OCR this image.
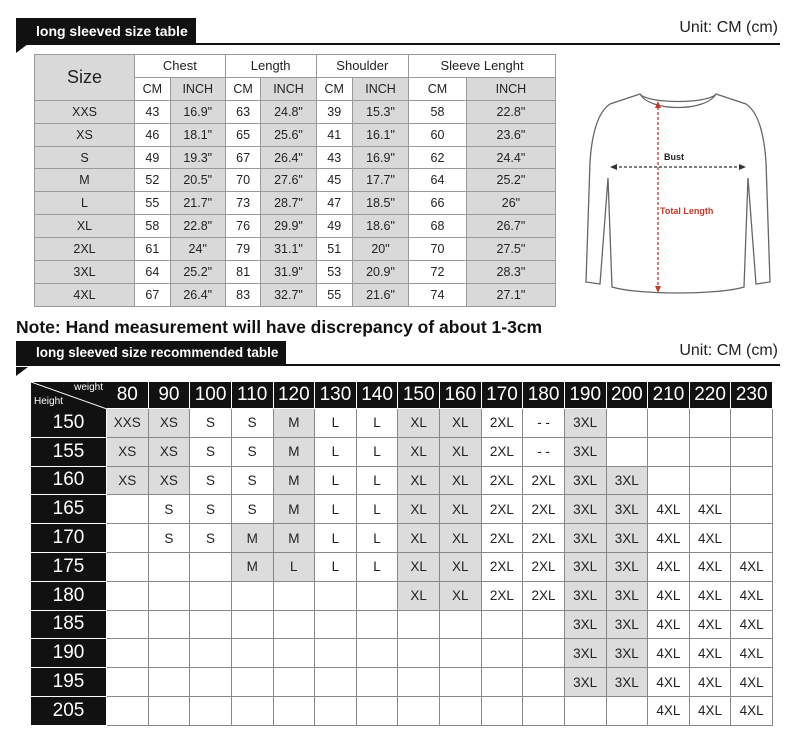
long sleeved size table	Unit: CM (cm)
Size	Chest		Length		Shoulder		Sleeve Lenght	
	CM	INCH	CM	INCH	CM	INCH	CM	INCH
XXS	43	16.9"	63	24.8"	39	15.3"	58	22.8"
XS	46	18.1"	65	25.6"	41	16.1"	60	23.6"
S	49	19.3"	67	26.4"	43	16.9"	62	24.4"
M	52	20.5"	70	27.6"	45	17.7"	64	25.2"
L	55	21.7"	73	28.7"	47	18.5"	66	26"
XL	58	22.8"	76	29.9"	49	18.6"	68	26.7"
2XL	61	24"	79	31.1"	51	20"	70	27.5"
3XL	64	25.2"	81	31.9"	53	20.9"	72	28.3"
4XL	67	26.4"	83	32.7"	55	21.6"	74	27.1"
Bust
Total Length
Note: Hand measurement will have discrepancy of about 1-3cm
long sleeved size recommended table	Unit: CM (cm)
weight
Height	80	90	100	110	120	130	140	150	160	170	180	190	200	210	220	230
150	XXS	XS	S	S	M	L	L	XL	XL	2XL	- -	3XL				
155	XS	XS	S	S	M	L	L	XL	XL	2XL	- -	3XL				
160	XS	XS	S	S	M	L	L	XL	XL	2XL	2XL	3XL	3XL			
165		S	S	S	M	L	L	XL	XL	2XL	2XL	3XL	3XL	4XL	4XL	
170		S	S	M	M	L	L	XL	XL	2XL	2XL	3XL	3XL	4XL	4XL	
175				M	L	L	L	XL	XL	2XL	2XL	3XL	3XL	4XL	4XL	4XL
180								XL	XL	2XL	2XL	3XL	3XL	4XL	4XL	4XL
185												3XL	3XL	4XL	4XL	4XL
190												3XL	3XL	4XL	4XL	4XL
195												3XL	3XL	4XL	4XL	4XL
205														4XL	4XL	4XL
